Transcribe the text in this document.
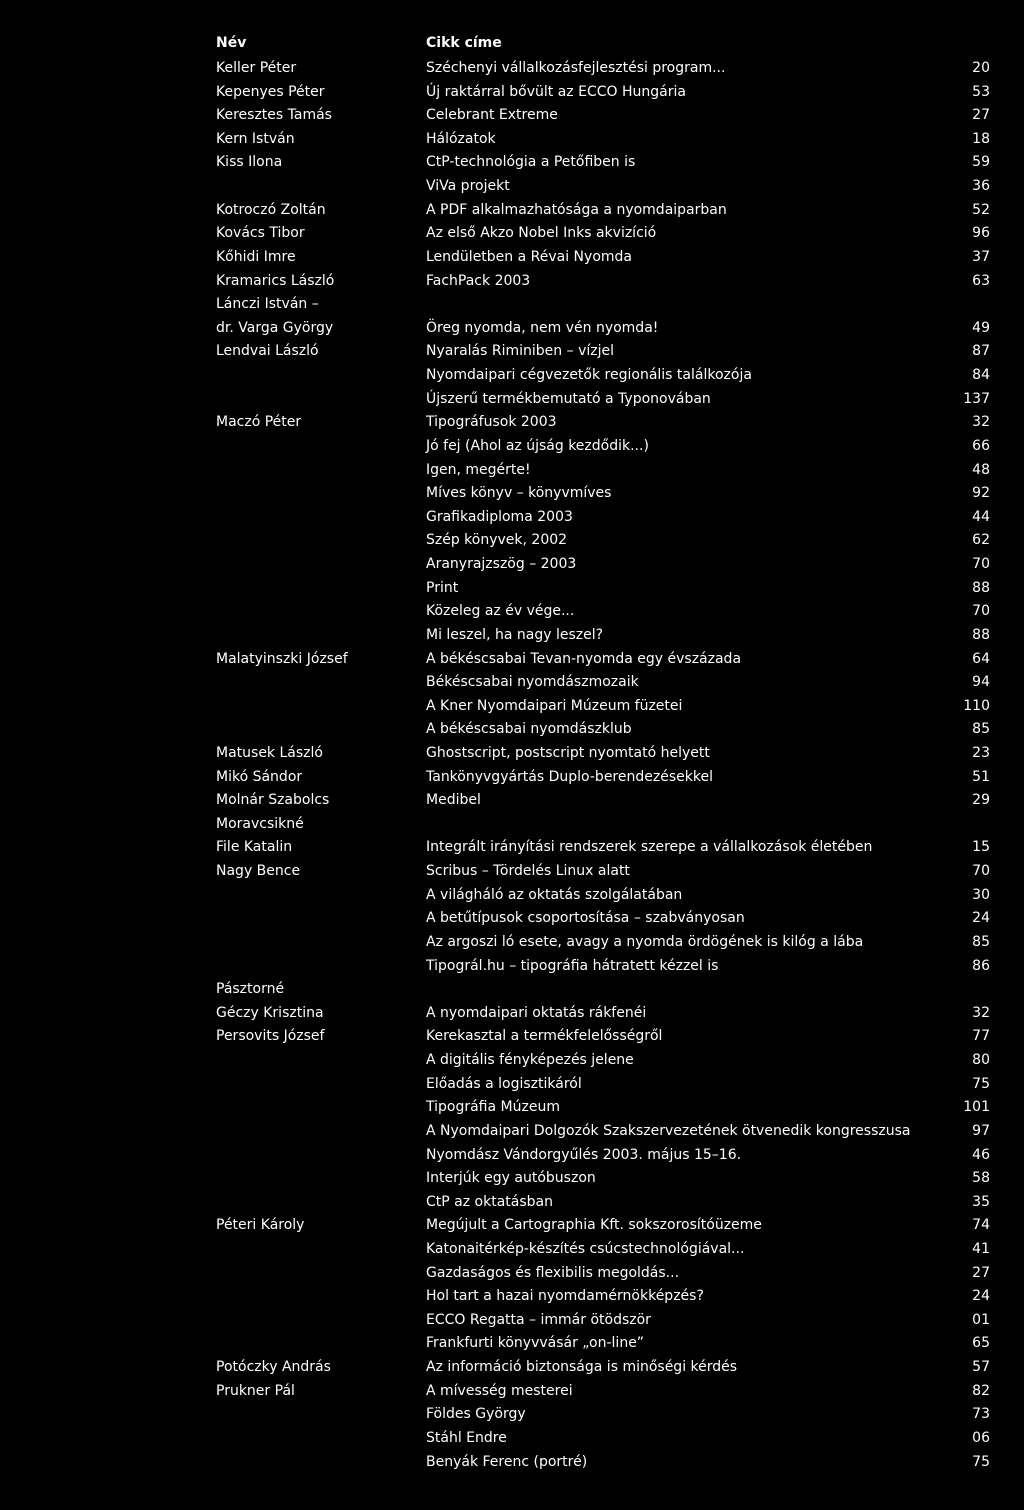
Név	Cikk címe
Keller Péter	Széchenyi vállalkozásfejlesztési program...	20
Kepenyes Péter	Új raktárral bővült az ECCO Hungária	53
Keresztes Tamás	Celebrant Extreme	27
Kern István	Hálózatok	18
Kiss Ilona	CtP-technológia a Petőfiben is	59
ViVa projekt	36
Kotroczó Zoltán	A PDF alkalmazhatósága a nyomdaiparban	52
Kovács Tibor	Az első Akzo Nobel Inks akvizíció	96
Kőhidi Imre	Lendületben a Révai Nyomda	37
Kramarics László	FachPack 2003	63
Lánczi István –
dr. Varga György	Öreg nyomda, nem vén nyomda!	49
Lendvai László	Nyaralás Riminiben – vízjel	87
Nyomdaipari cégvezetők regionális találkozója	84
Újszerű termékbemutató a Typonovában	137
Maczó Péter	Tipográfusok 2003	32
Jó fej (Ahol az újság kezdődik...)	66
Igen, megérte!	48
Míves könyv – könyvmíves	92
Grafikadiploma 2003	44
Szép könyvek, 2002	62
Aranyrajzszög – 2003	70
Print	88
Közeleg az év vége...	70
Mi leszel, ha nagy leszel?	88
Malatyinszki József	A békéscsabai Tevan-nyomda egy évszázada	64
Békéscsabai nyomdászmozaik	94
A Kner Nyomdaipari Múzeum füzetei	110
A békéscsabai nyomdászklub	85
Matusek László	Ghostscript, postscript nyomtató helyett	23
Mikó Sándor	Tankönyvgyártás Duplo-berendezésekkel	51
Molnár Szabolcs	Medibel	29
Moravcsikné
File Katalin	Integrált irányítási rendszerek szerepe a vállalkozások életében	15
Nagy Bence	Scribus – Tördelés Linux alatt	70
A világháló az oktatás szolgálatában	30
A betűtípusok csoportosítása – szabványosan	24
Az argoszi ló esete, avagy a nyomda ördögének is kilóg a lába	85
Tipográl.hu – tipográfia hátratett kézzel is	86
Pásztorné
Géczy Krisztina	A nyomdaipari oktatás rákfenéi	32
Persovits József	Kerekasztal a termékfelelősségről	77
A digitális fényképezés jelene	80
Előadás a logisztikáról	75
Tipográfia Múzeum	101
A Nyomdaipari Dolgozók Szakszervezetének ötvenedik kongresszusa	97
Nyomdász Vándorgyűlés 2003. május 15–16.	46
Interjúk egy autóbuszon	58
CtP az oktatásban	35
Péteri Károly	Megújult a Cartographia Kft. sokszorosítóüzeme	74
Katonaitérkép-készítés csúcstechnológiával...	41
Gazdaságos és flexibilis megoldás...	27
Hol tart a hazai nyomdamérnökképzés?	24
ECCO Regatta – immár ötödször	01
Frankfurti könyvvásár „on-line”	65
Potóczky András	Az információ biztonsága is minőségi kérdés	57
Prukner Pál	A mívesség mesterei	82
Földes György	73
Stáhl Endre	06
Benyák Ferenc (portré)	75
